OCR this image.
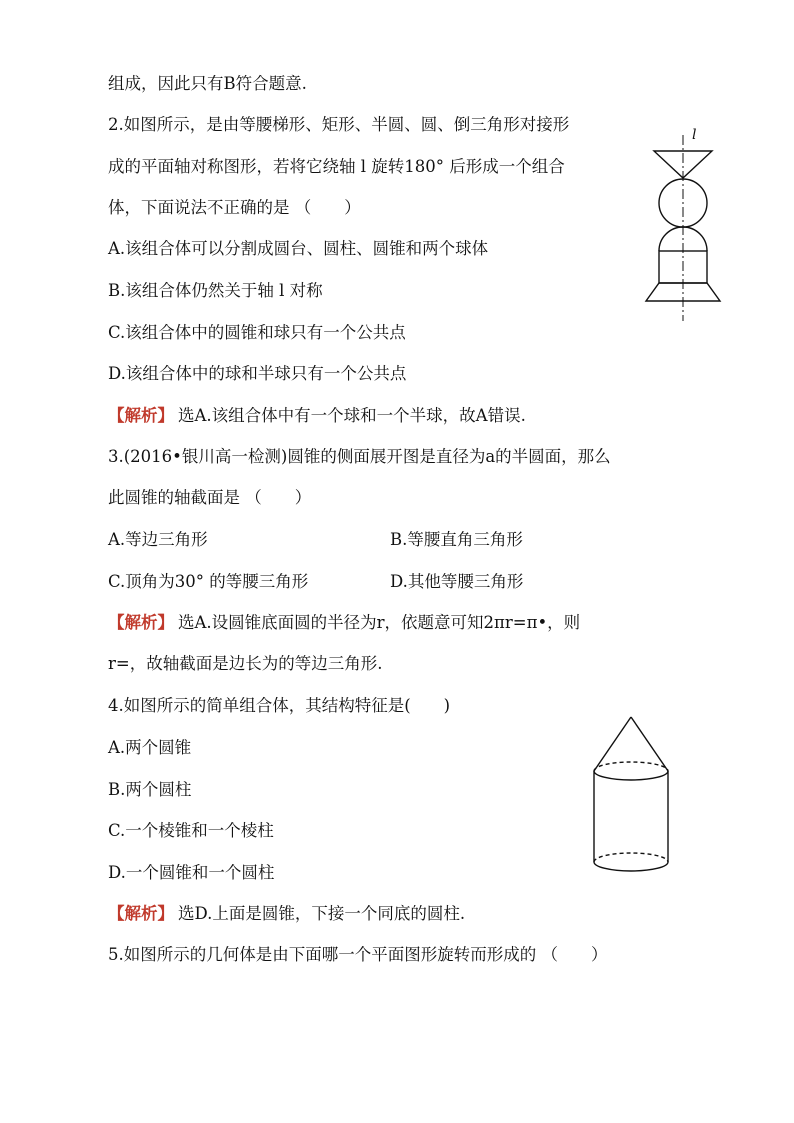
组成，因此只有B符合题意.
2.如图所示，是由等腰梯形、矩形、半圆、圆、倒三角形对接形
成的平面轴对称图形，若将它绕轴 l 旋转180° 后形成一个组合
体，下面说法不正确的是 （　　）
A.该组合体可以分割成圆台、圆柱、圆锥和两个球体
B.该组合体仍然关于轴 l 对称
C.该组合体中的圆锥和球只有一个公共点
D.该组合体中的球和半球只有一个公共点
【解析】 选A.该组合体中有一个球和一个半球，故A错误.
3.(2016•银川高一检测)圆锥的侧面展开图是直径为a的半圆面，那么
此圆锥的轴截面是 （　　）
A.等边三角形	B.等腰直角三角形
C.顶角为30° 的等腰三角形	D.其他等腰三角形
【解析】 选A.设圆锥底面圆的半径为r，依题意可知2πr=π•，则
r=，故轴截面是边长为的等边三角形.
4.如图所示的简单组合体，其结构特征是(　　)
A.两个圆锥
B.两个圆柱
C.一个棱锥和一个棱柱
D.一个圆锥和一个圆柱
【解析】 选D.上面是圆锥，下接一个同底的圆柱.
5.如图所示的几何体是由下面哪一个平面图形旋转而形成的 （　　）
l
